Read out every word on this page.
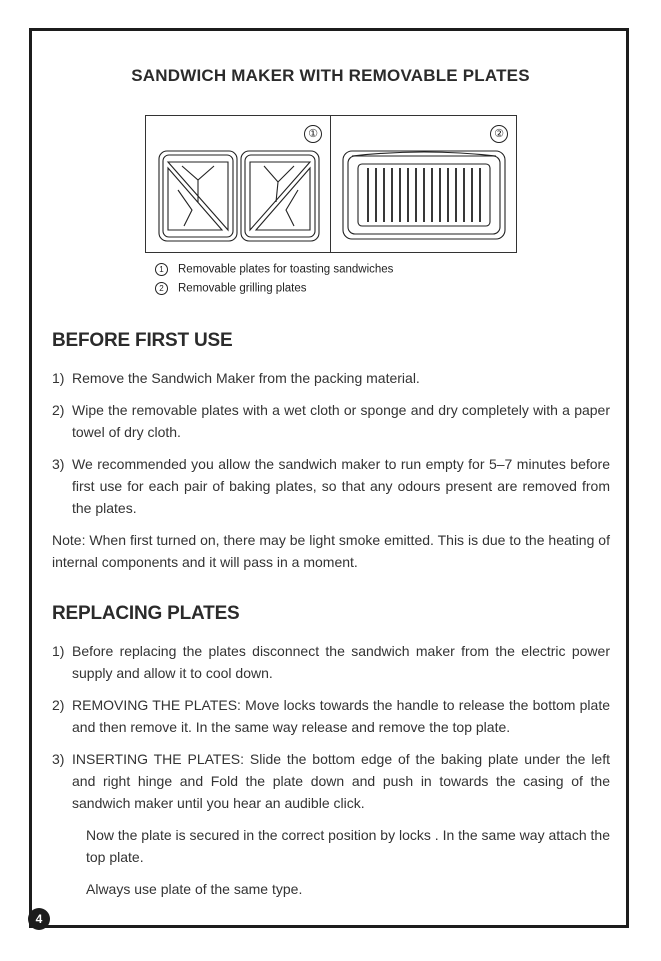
SANDWICH MAKER WITH REMOVABLE PLATES
①	②
1 Removable plates for toasting sandwiches
2 Removable grilling plates
BEFORE FIRST USE
1) Remove the Sandwich Maker from the packing material.
2) Wipe the removable plates with a wet cloth or sponge and dry completely with a paper towel of dry cloth.
3) We recommended you allow the sandwich maker to run empty for 5–7 minutes before first use for each pair of baking plates, so that any odours present are removed from the plates.
Note: When first turned on, there may be light smoke emitted. This is due to the heating of internal components and it will pass in a moment.
REPLACING PLATES
1) Before replacing the plates disconnect the sandwich maker from the electric power supply and allow it to cool down.
2) REMOVING THE PLATES: Move locks towards the handle to release the bottom plate and then remove it. In the same way release and remove the top plate.
3) INSERTING THE PLATES: Slide the bottom edge of the baking plate under the left and right hinge and Fold the plate down and push in towards the casing of the sandwich maker until you hear an audible click.
Now the plate is secured in the correct position by locks . In the same way attach the top plate.
Always use plate of the same type.
4
